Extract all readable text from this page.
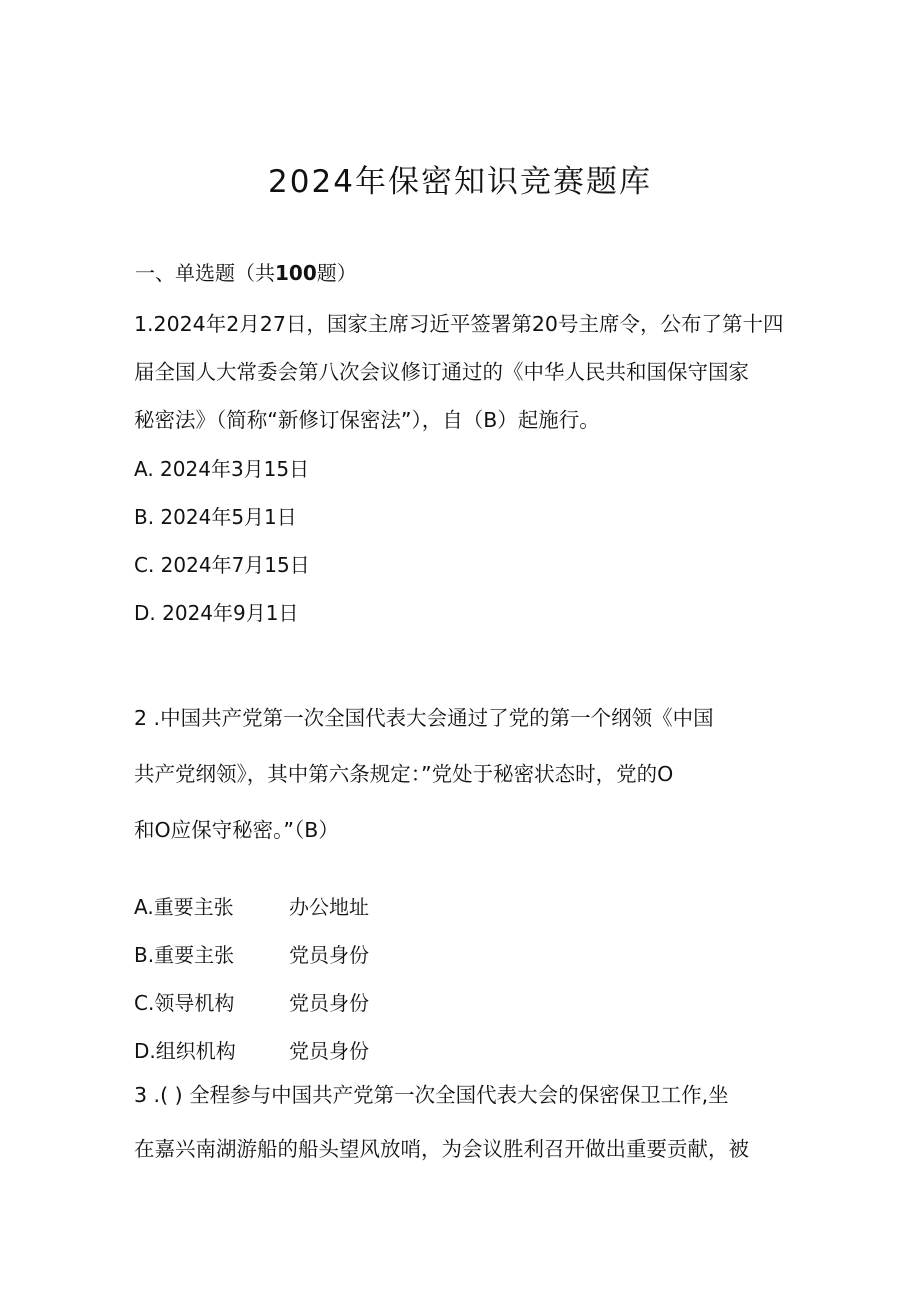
2024年保密知识竞赛题库
一、单选题（共100题）
1.2024年2月27日，国家主席习近平签署第20号主席令，公布了第十四
届全国人大常委会第八次会议修订通过的《中华人民共和国保守国家
秘密法》（简称“新修订保密法”），自（B）起施行。
A. 2024年3月15日
B. 2024年5月1日
C. 2024年7月15日
D. 2024年9月1日
2 .中国共产党第一次全国代表大会通过了党的第一个纲领《中国
共产党纲领》，其中第六条规定：”党处于秘密状态时，党的O
和O应保守秘密。”（B）
A.重要主张	办公地址
B.重要主张	党员身份
C.领导机构	党员身份
D.组织机构	党员身份
3 .( ) 全程参与中国共产党第一次全国代表大会的保密保卫工作,坐
在嘉兴南湖游船的船头望风放哨，为会议胜利召开做出重要贡献，被
